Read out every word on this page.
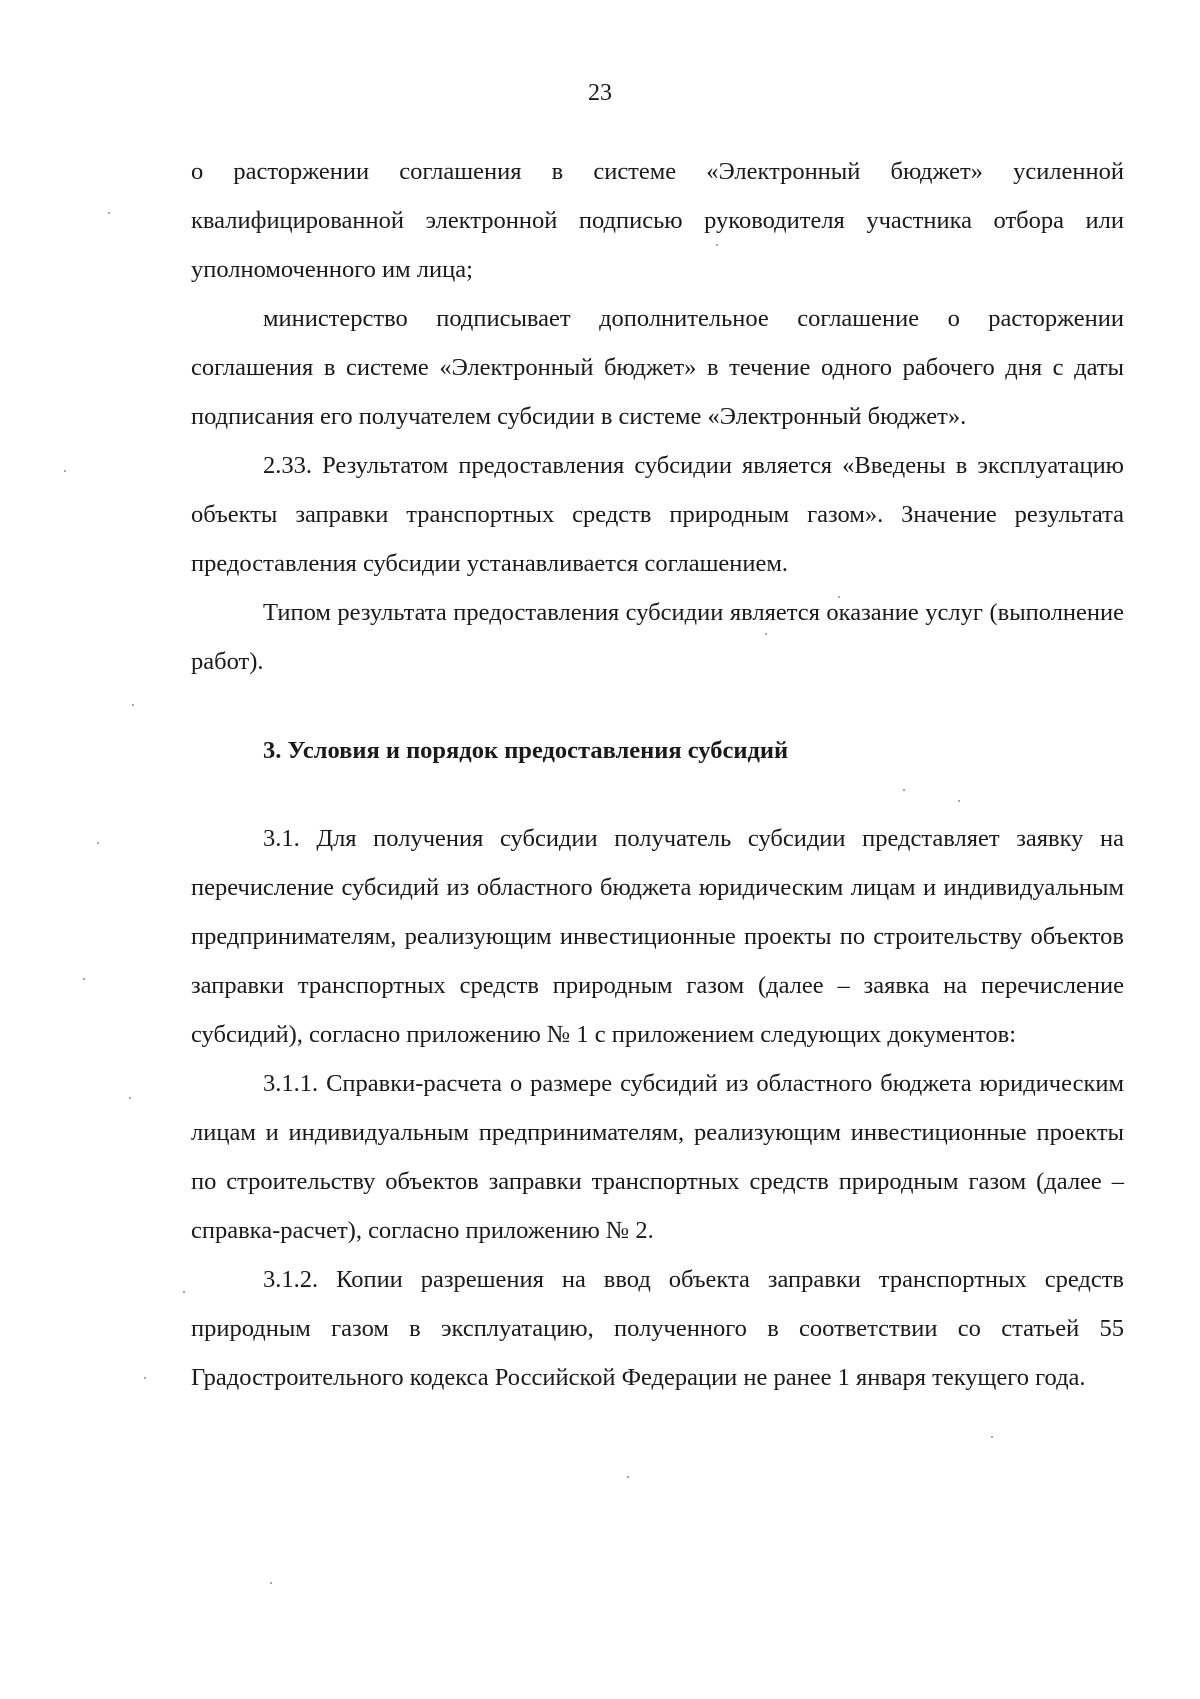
23

о расторжении соглашения в системе «Электронный бюджет» усиленной квалифицированной электронной подписью руководителя участника отбора или уполномоченного им лица;

министерство подписывает дополнительное соглашение о расторжении соглашения в системе «Электронный бюджет» в течение одного рабочего дня с даты подписания его получателем субсидии в системе «Электронный бюджет».

2.33. Результатом предоставления субсидии является «Введены в эксплуатацию объекты заправки транспортных средств природным газом». Значение результата предоставления субсидии устанавливается соглашением.

Типом результата предоставления субсидии является оказание услуг (выполнение работ).

3. Условия и порядок предоставления субсидий

3.1. Для получения субсидии получатель субсидии представляет заявку на перечисление субсидий из областного бюджета юридическим лицам и индивидуальным предпринимателям, реализующим инвестиционные проекты по строительству объектов заправки транспортных средств природным газом (далее – заявка на перечисление субсидий), согласно приложению № 1 с приложением следующих документов:

3.1.1. Справки-расчета о размере субсидий из областного бюджета юридическим лицам и индивидуальным предпринимателям, реализующим инвестиционные проекты по строительству объектов заправки транспортных средств природным газом (далее – справка-расчет), согласно приложению № 2.

3.1.2. Копии разрешения на ввод объекта заправки транспортных средств природным газом в эксплуатацию, полученного в соответствии со статьей 55 Градостроительного кодекса Российской Федерации не ранее 1 января текущего года.
